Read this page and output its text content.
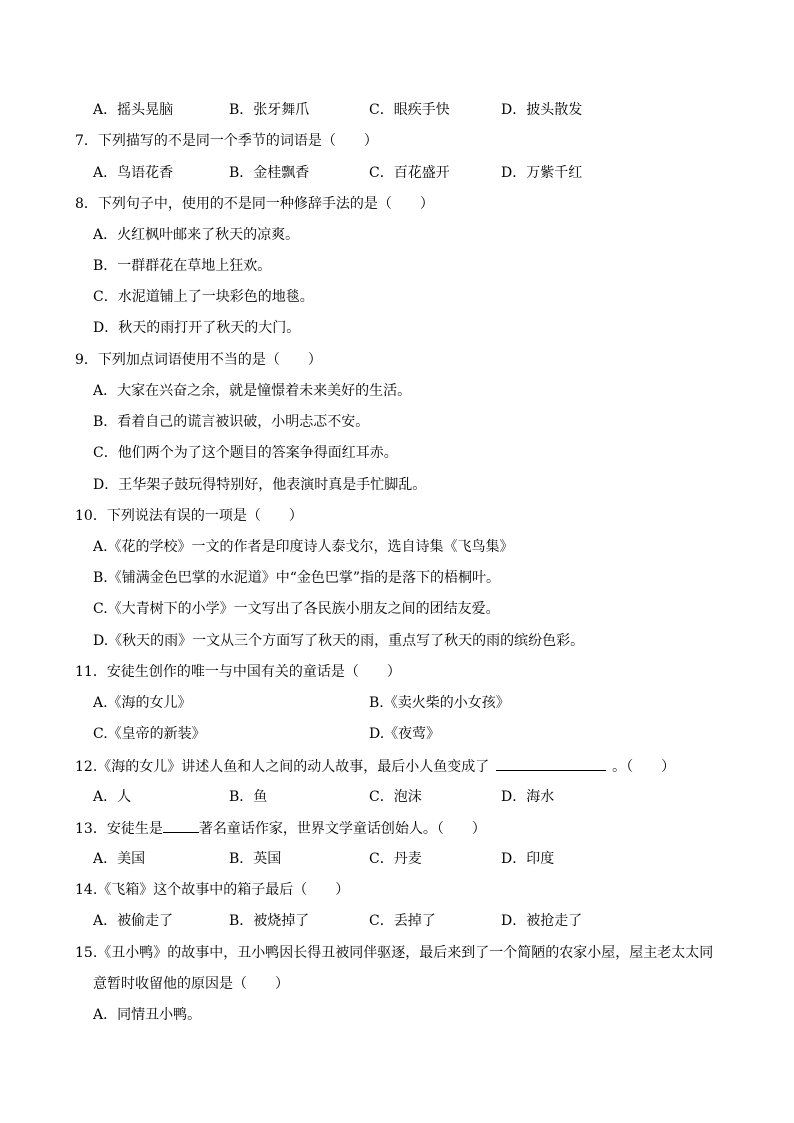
A．摇头晃脑	B．张牙舞爪	C．眼疾手快	D．披头散发
7．下列描写的不是同一个季节的词语是（　　）
A．鸟语花香	B．金桂飘香	C．百花盛开	D．万紫千红
8．下列句子中，使用的不是同一种修辞手法的是（　　）
A．火红枫叶邮来了秋天的凉爽。
B．一群群花在草地上狂欢。
C．水泥道铺上了一块彩色的地毯。
D．秋天的雨打开了秋天的大门。
9．下列加点词语使用不当的是（　　）
A．大家在兴奋之余，就是憧憬着未来美好的生活。
B．看着自己的谎言被识破，小明忐忑不安。
C．他们两个为了这个题目的答案争得面红耳赤。
D．王华架子鼓玩得特别好，他表演时真是手忙脚乱。
10．下列说法有误的一项是（　　）
A.《花的学校》一文的作者是印度诗人泰戈尔，选自诗集《飞鸟集》
B.《铺满金色巴掌的水泥道》中“金色巴掌”指的是落下的梧桐叶。
C.《大青树下的小学》一文写出了各民族小朋友之间的团结友爱。
D.《秋天的雨》一文从三个方面写了秋天的雨，重点写了秋天的雨的缤纷色彩。
11．安徒生创作的唯一与中国有关的童话是（　　）
A.《海的女儿》	B.《卖火柴的小女孩》
C.《皇帝的新装》	D.《夜莺》
12.《海的女儿》讲述人鱼和人之间的动人故事，最后小人鱼变成了	。（　　）
A．人	B．鱼	C．泡沫	D．海水
13．安徒生是	著名童话作家，世界文学童话创始人。（　　）
A．美国	B．英国	C．丹麦	D．印度
14.《飞箱》这个故事中的箱子最后（　　）
A．被偷走了	B．被烧掉了	C．丢掉了	D．被抢走了
15.《丑小鸭》的故事中，丑小鸭因长得丑被同伴驱逐，最后来到了一个简陋的农家小屋，屋主老太太同
意暂时收留他的原因是（　　）
A．同情丑小鸭。
